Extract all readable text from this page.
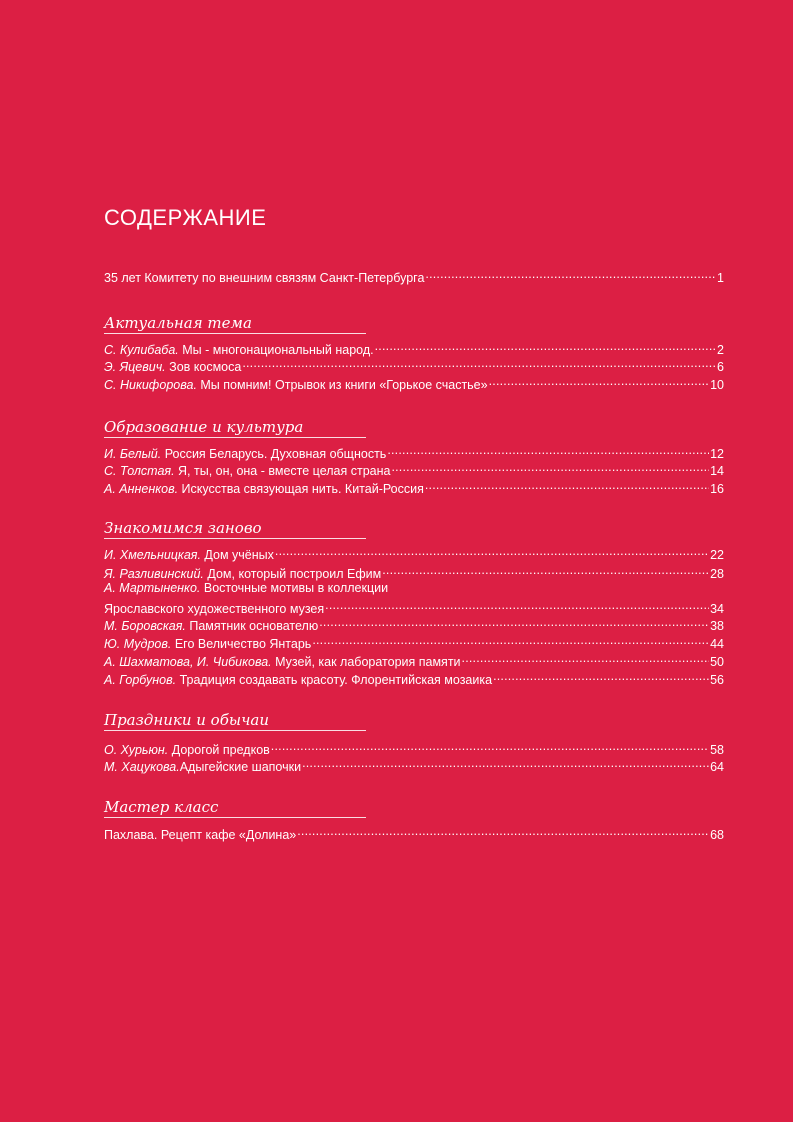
СОДЕРЖАНИЕ
35 лет Комитету по внешним связям Санкт-Петербурга .....	1
Актуальная тема
С. Кулибаба. Мы - многонациональный народ. .....	2
Э. Яцевич. Зов космоса .....	6
С. Никифорова. Мы помним! Отрывок из книги «Горькое счастье» .....	10
Образование и культура
И. Белый. Россия Беларусь. Духовная общность .....	12
С. Толстая. Я, ты, он, она - вместе целая страна .....	14
А. Анненков. Искусства связующая нить. Китай-Россия .....	16
Знакомимся заново
И. Хмельницкая. Дом учёных .....	22
Я. Разливинский. Дом, который построил Ефим .....	28
А. Мартыненко. Восточные мотивы в коллекции
Ярославского художественного музея .....	34
М. Боровская. Памятник основателю .....	38
Ю. Мудров. Его Величество Янтарь .....	44
А. Шахматова, И. Чибикова. Музей, как лаборатория памяти .....	50
А. Горбунов. Традиция создавать красоту. Флорентийская мозаика .....	56
Праздники и обычаи
О. Хурьюн. Дорогой предков .....	58
М. Хацукова.Адыгейские шапочки .....	64
Мастер класс
Пахлава. Рецепт кафе «Долина» .....	68
